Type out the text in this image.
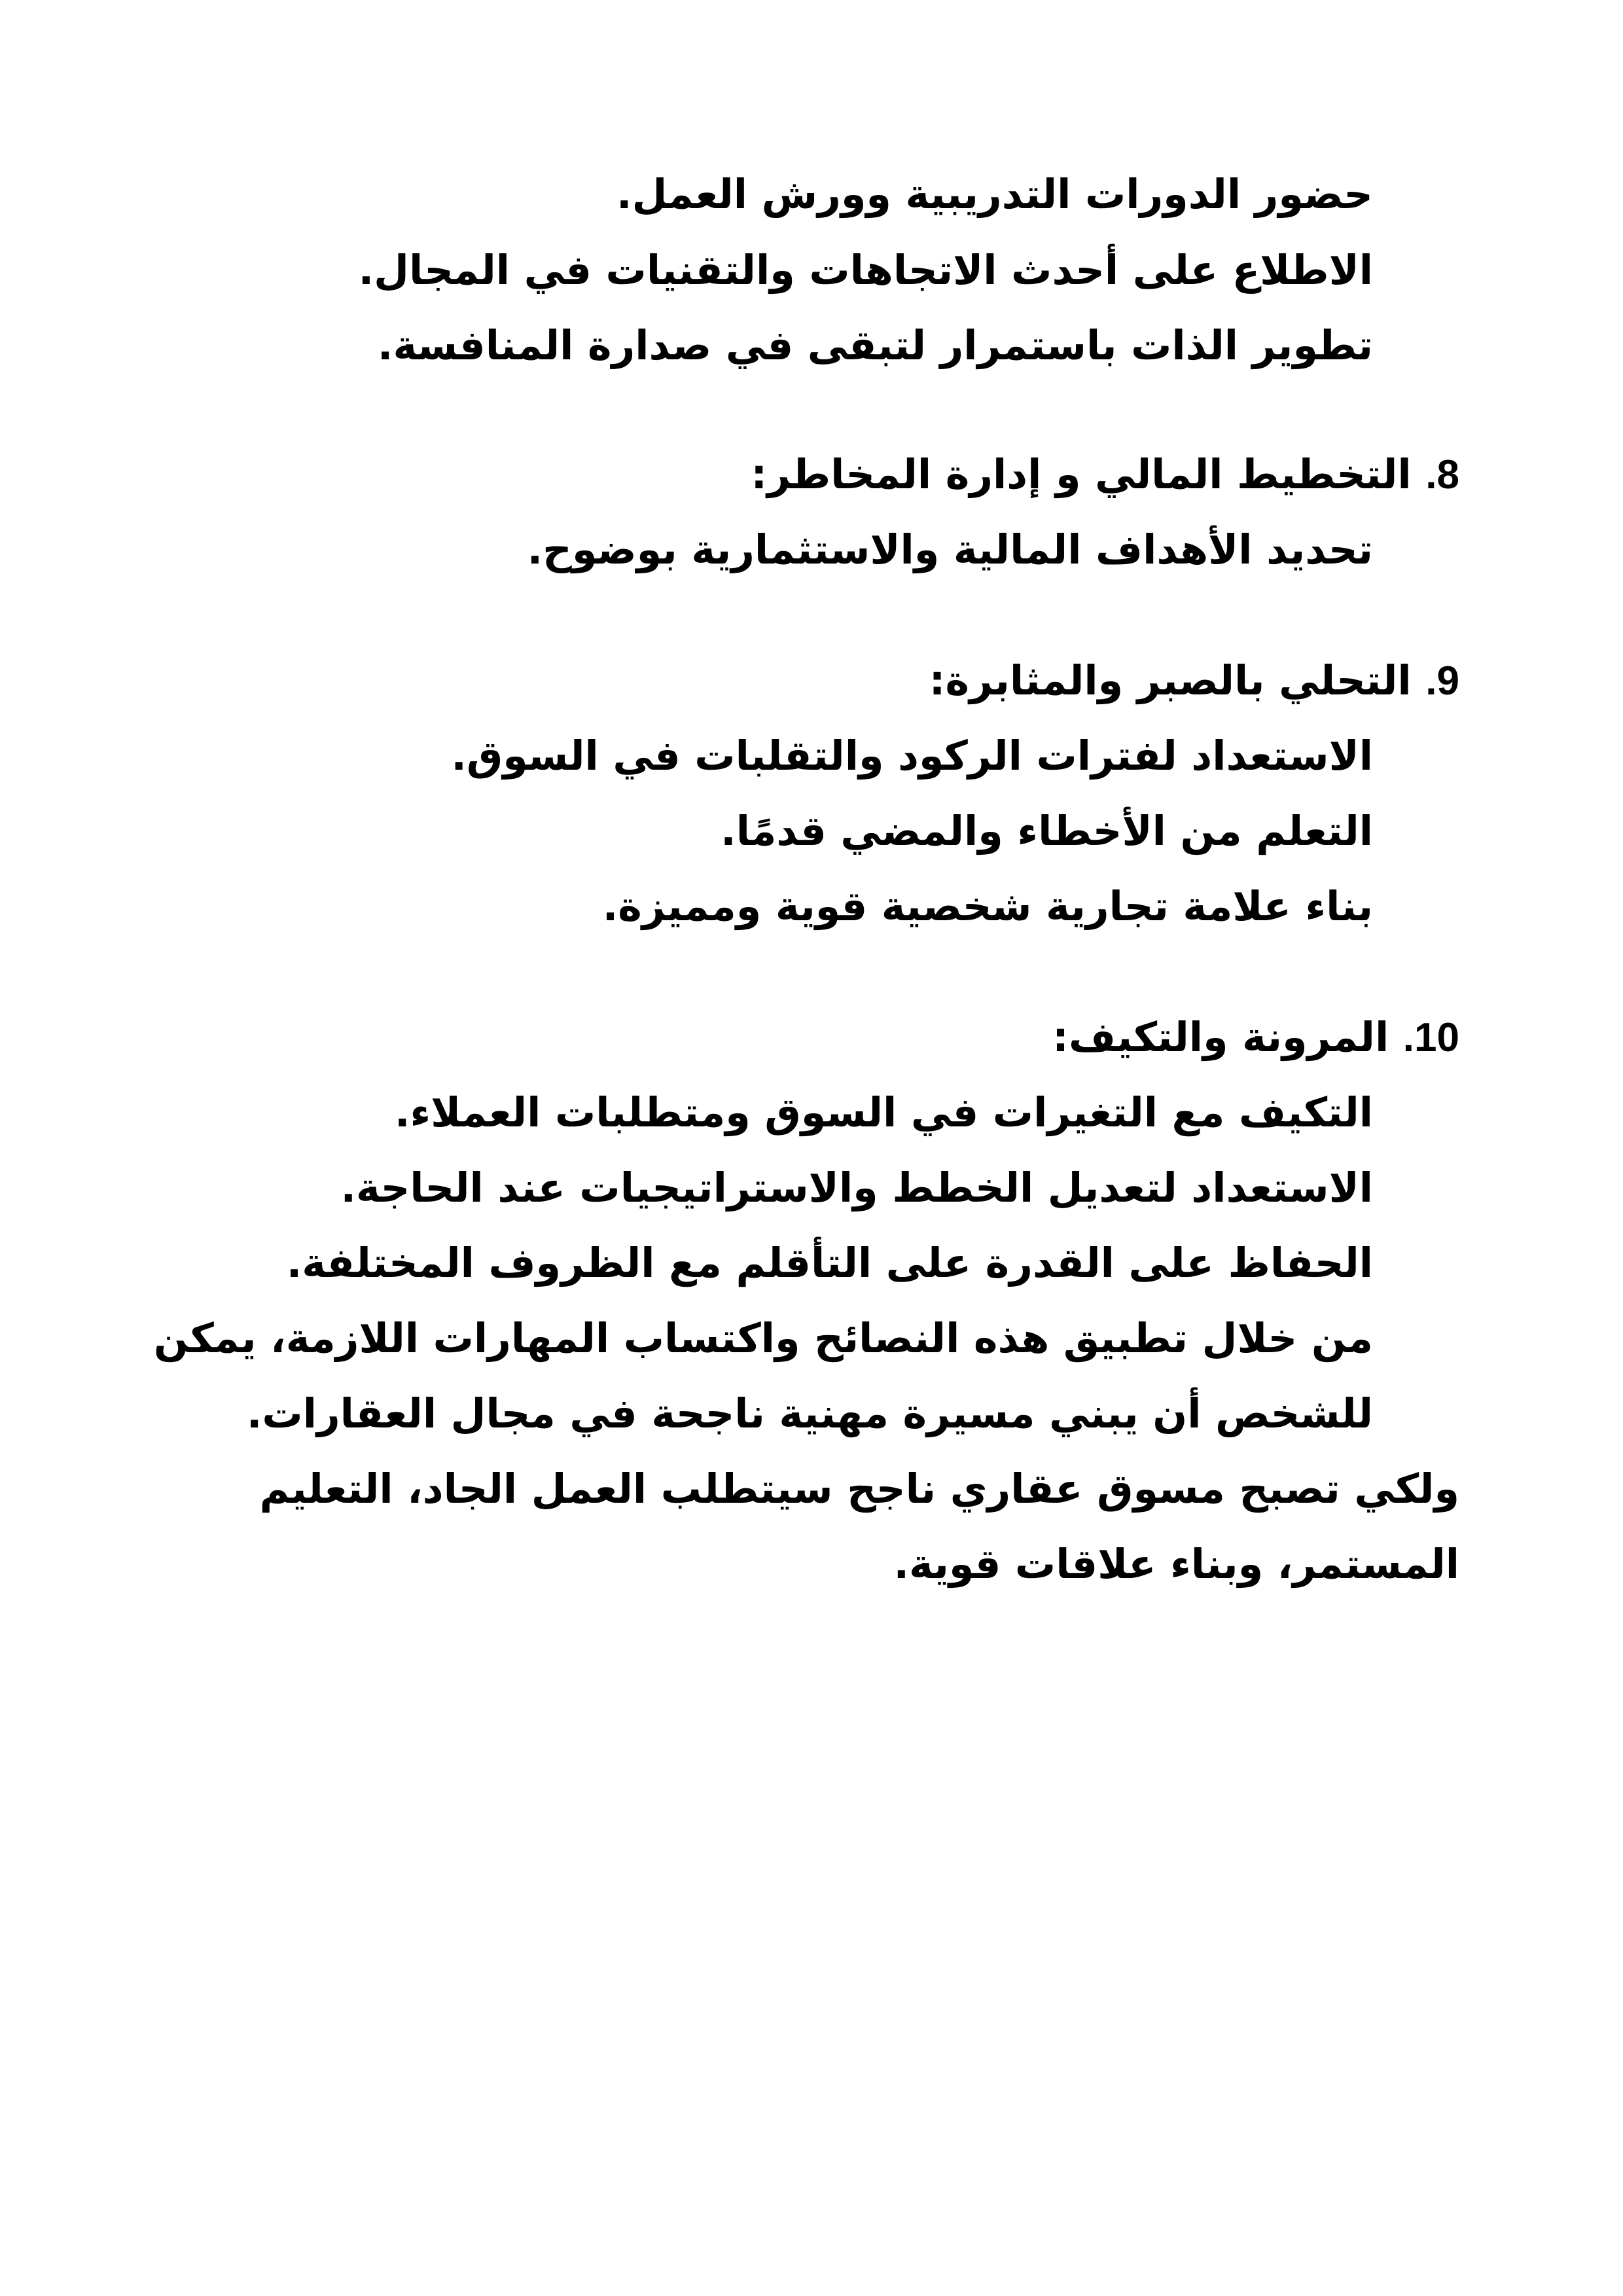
حضور الدورات التدريبية وورش العمل.
الاطلاع على أحدث الاتجاهات والتقنيات في المجال.
تطوير الذات باستمرار لتبقى في صدارة المنافسة.
8. التخطيط المالي و إدارة المخاطر:
تحديد الأهداف المالية والاستثمارية بوضوح.
9. التحلي بالصبر والمثابرة:
الاستعداد لفترات الركود والتقلبات في السوق.
التعلم من الأخطاء والمضي قدمًا.
بناء علامة تجارية شخصية قوية ومميزة.
10. المرونة والتكيف:
التكيف مع التغيرات في السوق ومتطلبات العملاء.
الاستعداد لتعديل الخطط والاستراتيجيات عند الحاجة.
الحفاظ على القدرة على التأقلم مع الظروف المختلفة.
من خلال تطبيق هذه النصائح واكتساب المهارات اللازمة، يمكن
للشخص أن يبني مسيرة مهنية ناجحة في مجال العقارات.
ولكي تصبح مسوق عقاري ناجح سيتطلب العمل الجاد، التعليم
المستمر، وبناء علاقات قوية.
